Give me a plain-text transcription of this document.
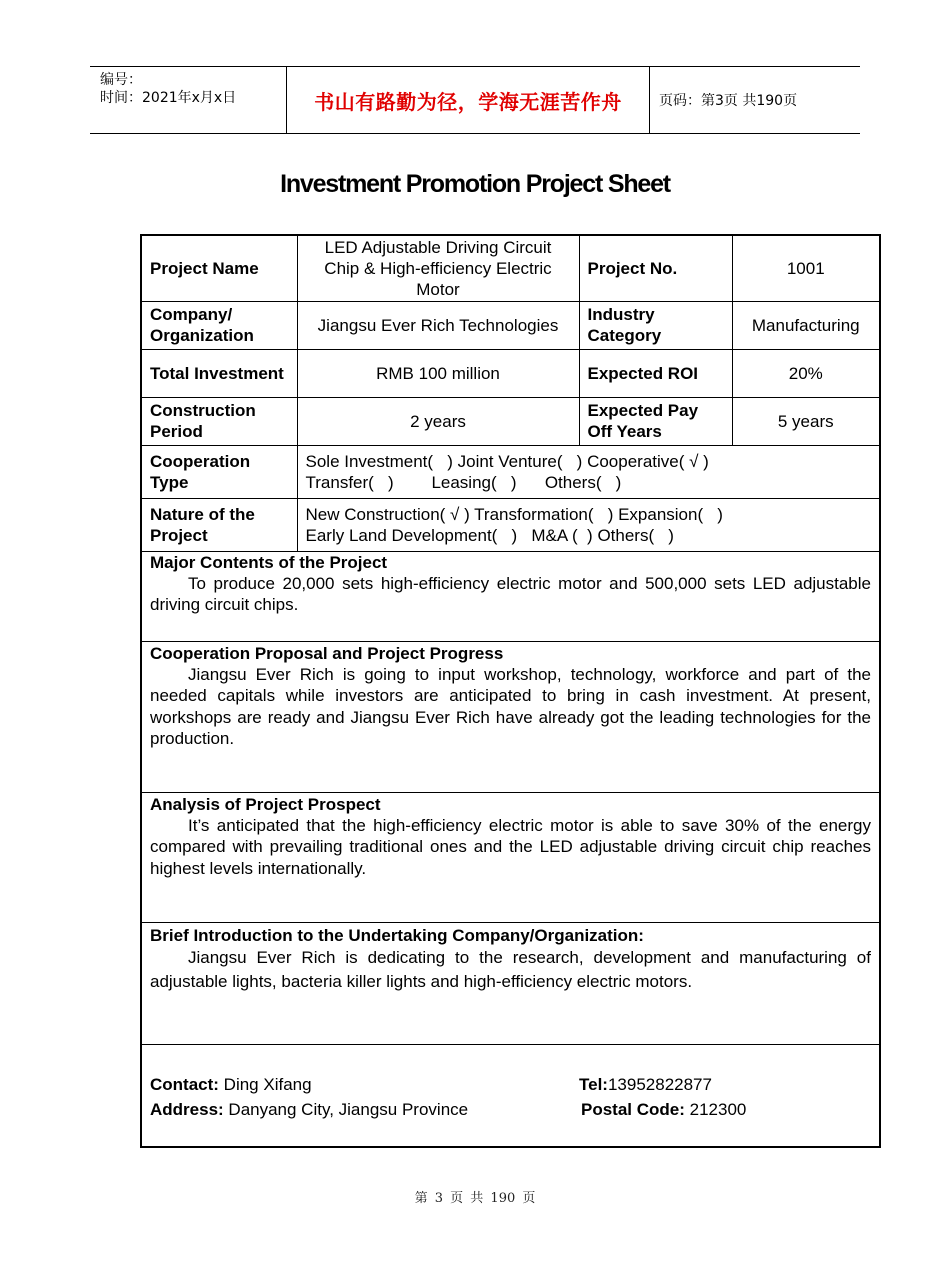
编号：
时间：2021年x月x日	书山有路勤为径，学海无涯苦作舟	页码：第3页 共190页
Investment Promotion Project Sheet
Project Name	LED Adjustable Driving Circuit Chip & High-efficiency Electric Motor	Project No.	1001
Company/ Organization	Jiangsu Ever Rich Technologies	Industry Category	Manufacturing
Total Investment	RMB 100 million	Expected ROI	20%
Construction Period	2 years	Expected Pay Off Years	5 years
Cooperation Type	Sole Investment(   ) Joint Venture(   ) Cooperative( √ )
Transfer(   )        Leasing(   )      Others(   )		

Nature of the Project	New Construction( √ ) Transformation(   ) Expansion(   )
Early Land Development(   )   M&A (  ) Others(   )		

Major Contents of the Project
To produce 20,000 sets high-efficiency electric motor and 500,000 sets LED adjustable driving circuit chips.			

Cooperation Proposal and Project Progress
Jiangsu Ever Rich is going to input workshop, technology, workforce and part of the needed capitals while investors are anticipated to bring in cash investment. At present, workshops are ready and Jiangsu Ever Rich have already got the leading technologies for the production.			

Analysis of Project Prospect
It’s anticipated that the high-efficiency electric motor is able to save 30% of the energy compared with prevailing traditional ones and the LED adjustable driving circuit chip reaches highest levels internationally.			

Brief Introduction to the Undertaking Company/Organization:
Jiangsu Ever Rich is dedicating to the research, development and manufacturing of adjustable lights, bacteria killer lights and high-efficiency electric motors.			

Contact: Ding Xifang Tel:13952822877
Address: Danyang City, Jiangsu Province Postal Code: 212300			
第 3 页 共 190 页
